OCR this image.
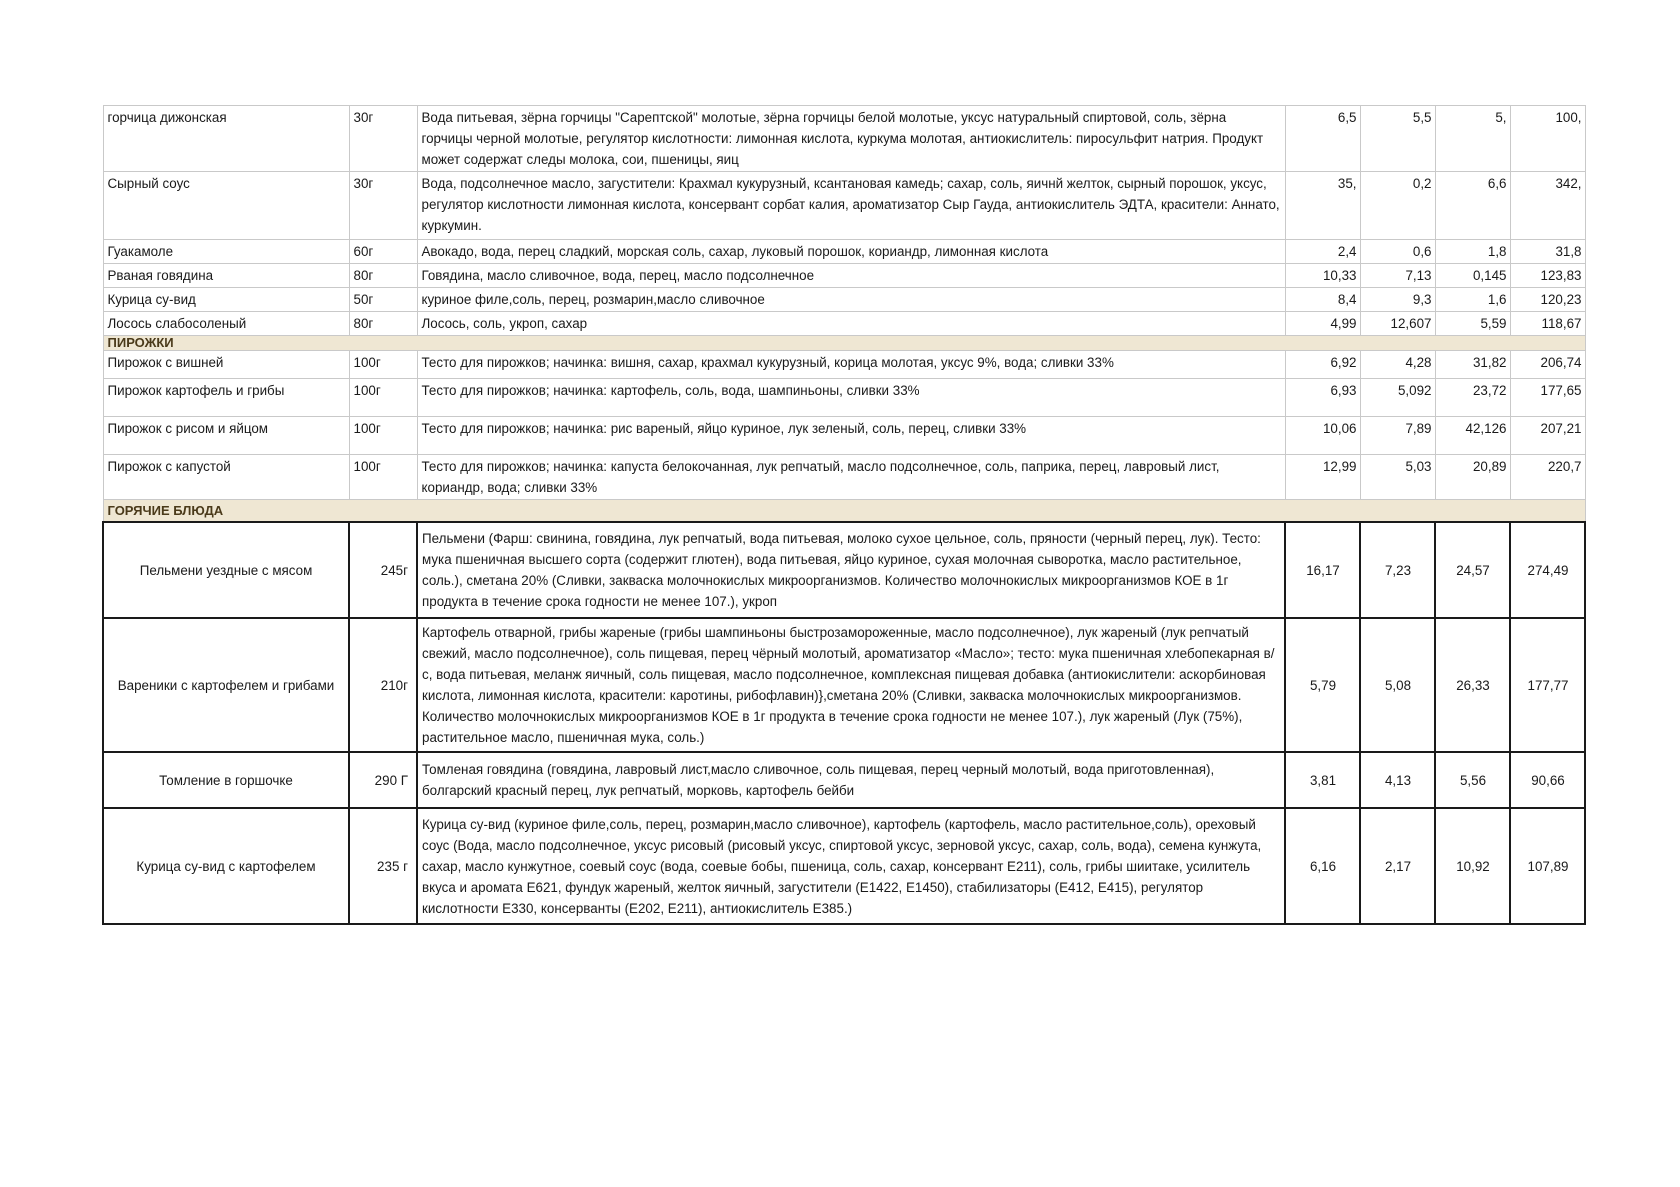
горчица дижонская	30г	Вода питьевая, зёрна горчицы "Сарептской" молотые, зёрна горчицы белой молотые, уксус натуральный спиртовой, соль, зёрна горчицы черной молотые, регулятор кислотности: лимонная кислота, куркума молотая, антиокислитель: пиросульфит натрия. Продукт может содержат следы молока, сои, пшеницы, яиц	6,5	5,5	5,	100,
Сырный соус	30г	Вода, подсолнечное масло, загустители: Крахмал кукурузный, ксантановая камедь; сахар, соль, яичнй желток, сырный порошок, уксус, регулятор кислотности лимонная кислота, консервант сорбат калия, ароматизатор Сыр Гауда, антиокислитель ЭДТА, красители: Аннато, куркумин.	35,	0,2	6,6	342,
Гуакамоле	60г	Авокадо, вода, перец сладкий, морская соль, сахар, луковый порошок, кориандр, лимонная кислота	2,4	0,6	1,8	31,8
Рваная говядина	80г	Говядина, масло сливочное, вода, перец, масло подсолнечное	10,33	7,13	0,145	123,83
Курица су-вид	50г	куриное филе,соль, перец, розмарин,масло сливочное	8,4	9,3	1,6	120,23
Лосось слабосоленый	80г	Лосось, соль, укроп, сахар	4,99	12,607	5,59	118,67
ПИРОЖКИ						
Пирожок с вишней	100г	Тесто для пирожков; начинка: вишня, сахар, крахмал кукурузный, корица молотая, уксус 9%, вода; сливки 33%	6,92	4,28	31,82	206,74
Пирожок картофель и грибы	100г	Тесто для пирожков; начинка: картофель, соль, вода, шампиньоны, сливки 33%	6,93	5,092	23,72	177,65
Пирожок с рисом и яйцом	100г	Тесто для пирожков; начинка: рис вареный, яйцо куриное, лук зеленый, соль, перец, сливки 33%	10,06	7,89	42,126	207,21
Пирожок с капустой	100г	Тесто для пирожков; начинка: капуста белокочанная, лук репчатый, масло подсолнечное, соль, паприка, перец, лавровый лист, кориандр, вода; сливки 33%	12,99	5,03	20,89	220,7
ГОРЯЧИЕ БЛЮДА						
Пельмени уездные с мясом	245г	Пельмени (Фарш: свинина, говядина, лук репчатый, вода питьевая, молоко сухое цельное, соль, пряности (черный перец, лук). Тесто: мука пшеничная высшего сорта (содержит глютен), вода питьевая, яйцо куриное, сухая молочная сыворотка, масло растительное, соль.), сметана 20% (Сливки, закваска молочнокислых микроорганизмов. Количество молочнокислых микроорганизмов КОЕ в 1г продукта в течение срока годности не менее 107.), укроп	16,17	7,23	24,57	274,49
Вареники с картофелем и грибами	210г	Картофель отварной, грибы жареные (грибы шампиньоны быстрозамороженные, масло подсолнечное), лук жареный (лук репчатый свежий, масло подсолнечное), соль пищевая, перец чёрный молотый, ароматизатор «Масло»; тесто: мука пшеничная хлебопекарная в/с, вода питьевая, меланж яичный, соль пищевая, масло подсолнечное, комплексная пищевая добавка (антиокислители: аскорбиновая кислота, лимонная кислота, красители: каротины, рибофлавин)},сметана 20% (Сливки, закваска молочнокислых микроорганизмов. Количество молочнокислых микроорганизмов КОЕ в 1г продукта в течение срока годности не менее 107.), лук жареный (Лук (75%), растительное масло, пшеничная мука, соль.)	5,79	5,08	26,33	177,77
Томление в горшочке	290 Г	Томленая говядина (говядина, лавровый лист,масло сливочное, соль пищевая, перец черный молотый, вода приготовленная), болгарский красный перец, лук репчатый, морковь, картофель бейби	3,81	4,13	5,56	90,66
Курица су-вид с картофелем	235 г	Курица су-вид (куриное филе,соль, перец, розмарин,масло сливочное), картофель (картофель, масло растительное,соль), ореховый соус (Вода, масло подсолнечное, уксус рисовый (рисовый уксус, спиртовой уксус, зерновой уксус, сахар, соль, вода), семена кунжута, сахар, масло кунжутное, соевый соус (вода, соевые бобы, пшеница, соль, сахар, консервант Е211), соль, грибы шиитаке, усилитель вкуса и аромата Е621, фундук жареный, желток яичный, загустители (Е1422, Е1450), стабилизаторы (Е412, Е415), регулятор кислотности Е330, консерванты (Е202, Е211), антиокислитель Е385.)	6,16	2,17	10,92	107,89
